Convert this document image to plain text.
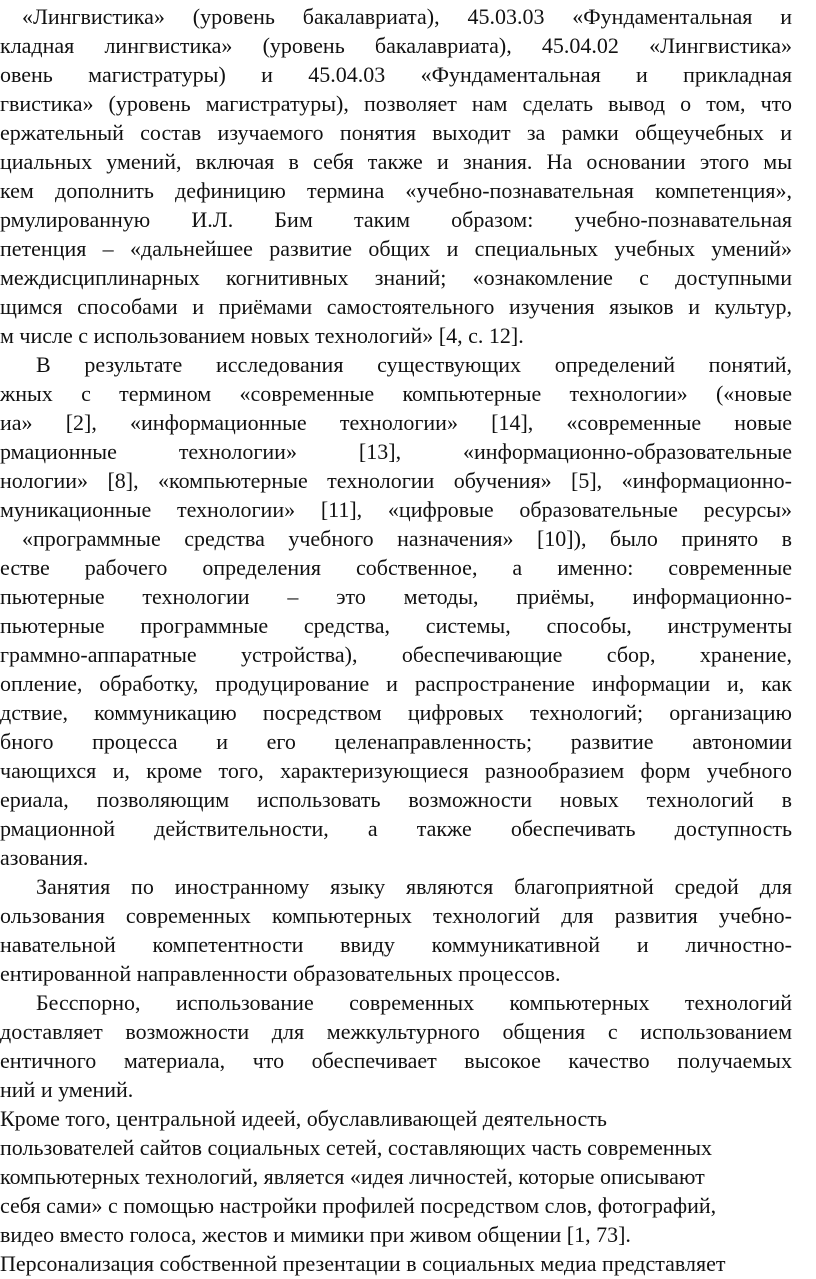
«Лингвистика» (уровень бакалавриата), 45.03.03 «Фундаментальная и
кладная лингвистика» (уровень бакалавриата), 45.04.02 «Лингвистика»
овень магистратуры) и 45.04.03 «Фундаментальная и прикладная
гвистика» (уровень магистратуры), позволяет нам сделать вывод о том, что
ержательный состав изучаемого понятия выходит за рамки общеучебных и
циальных умений, включая в себя также и знания. На основании этого мы
кем дополнить дефиницию термина «учебно-познавательная компетенция»,
рмулированную И.Л. Бим таким образом: учебно-познавательная
петенция – «дальнейшее развитие общих и специальных учебных умений»
междисциплинарных когнитивных знаний; «ознакомление с доступными
щимся способами и приёмами самостоятельного изучения языков и культур,
м числе с использованием новых технологий» [4, с. 12].
В результате исследования существующих определений понятий,
жных с термином «современные компьютерные технологии» («новые
иа» [2], «информационные технологии» [14], «современные новые
рмационные технологии» [13], «информационно-образовательные
нологии» [8], «компьютерные технологии обучения» [5], «информационно-
муникационные технологии» [11], «цифровые образовательные ресурсы»
«программные средства учебного назначения» [10]), было принято в
естве рабочего определения собственное, а именно: современные
пьютерные технологии – это методы, приёмы, информационно-
пьютерные программные средства, системы, способы, инструменты
граммно-аппаратные устройства), обеспечивающие сбор, хранение,
опление, обработку, продуцирование и распространение информации и, как
дствие, коммуникацию посредством цифровых технологий; организацию
бного процесса и его целенаправленность; развитие автономии
чающихся и, кроме того, характеризующиеся разнообразием форм учебного
ериала, позволяющим использовать возможности новых технологий в
рмационной действительности, а также обеспечивать доступность
азования.
Занятия по иностранному языку являются благоприятной средой для
ользования современных компьютерных технологий для развития учебно-
навательной компетентности ввиду коммуникативной и личностно-
ентированной направленности образовательных процессов.
Бесспорно, использование современных компьютерных технологий
доставляет возможности для межкультурного общения с использованием
ентичного материала, что обеспечивает высокое качество получаемых
ний и умений.
Кроме того, центральной идеей, обуславливающей деятельность
пользователей сайтов социальных сетей, составляющих часть современных
компьютерных технологий, является «идея личностей, которые описывают
себя сами» с помощью настройки профилей посредством слов, фотографий,
видео вместо голоса, жестов и мимики при живом общении [1, 73].
Персонализация собственной презентации в социальных медиа представляет
